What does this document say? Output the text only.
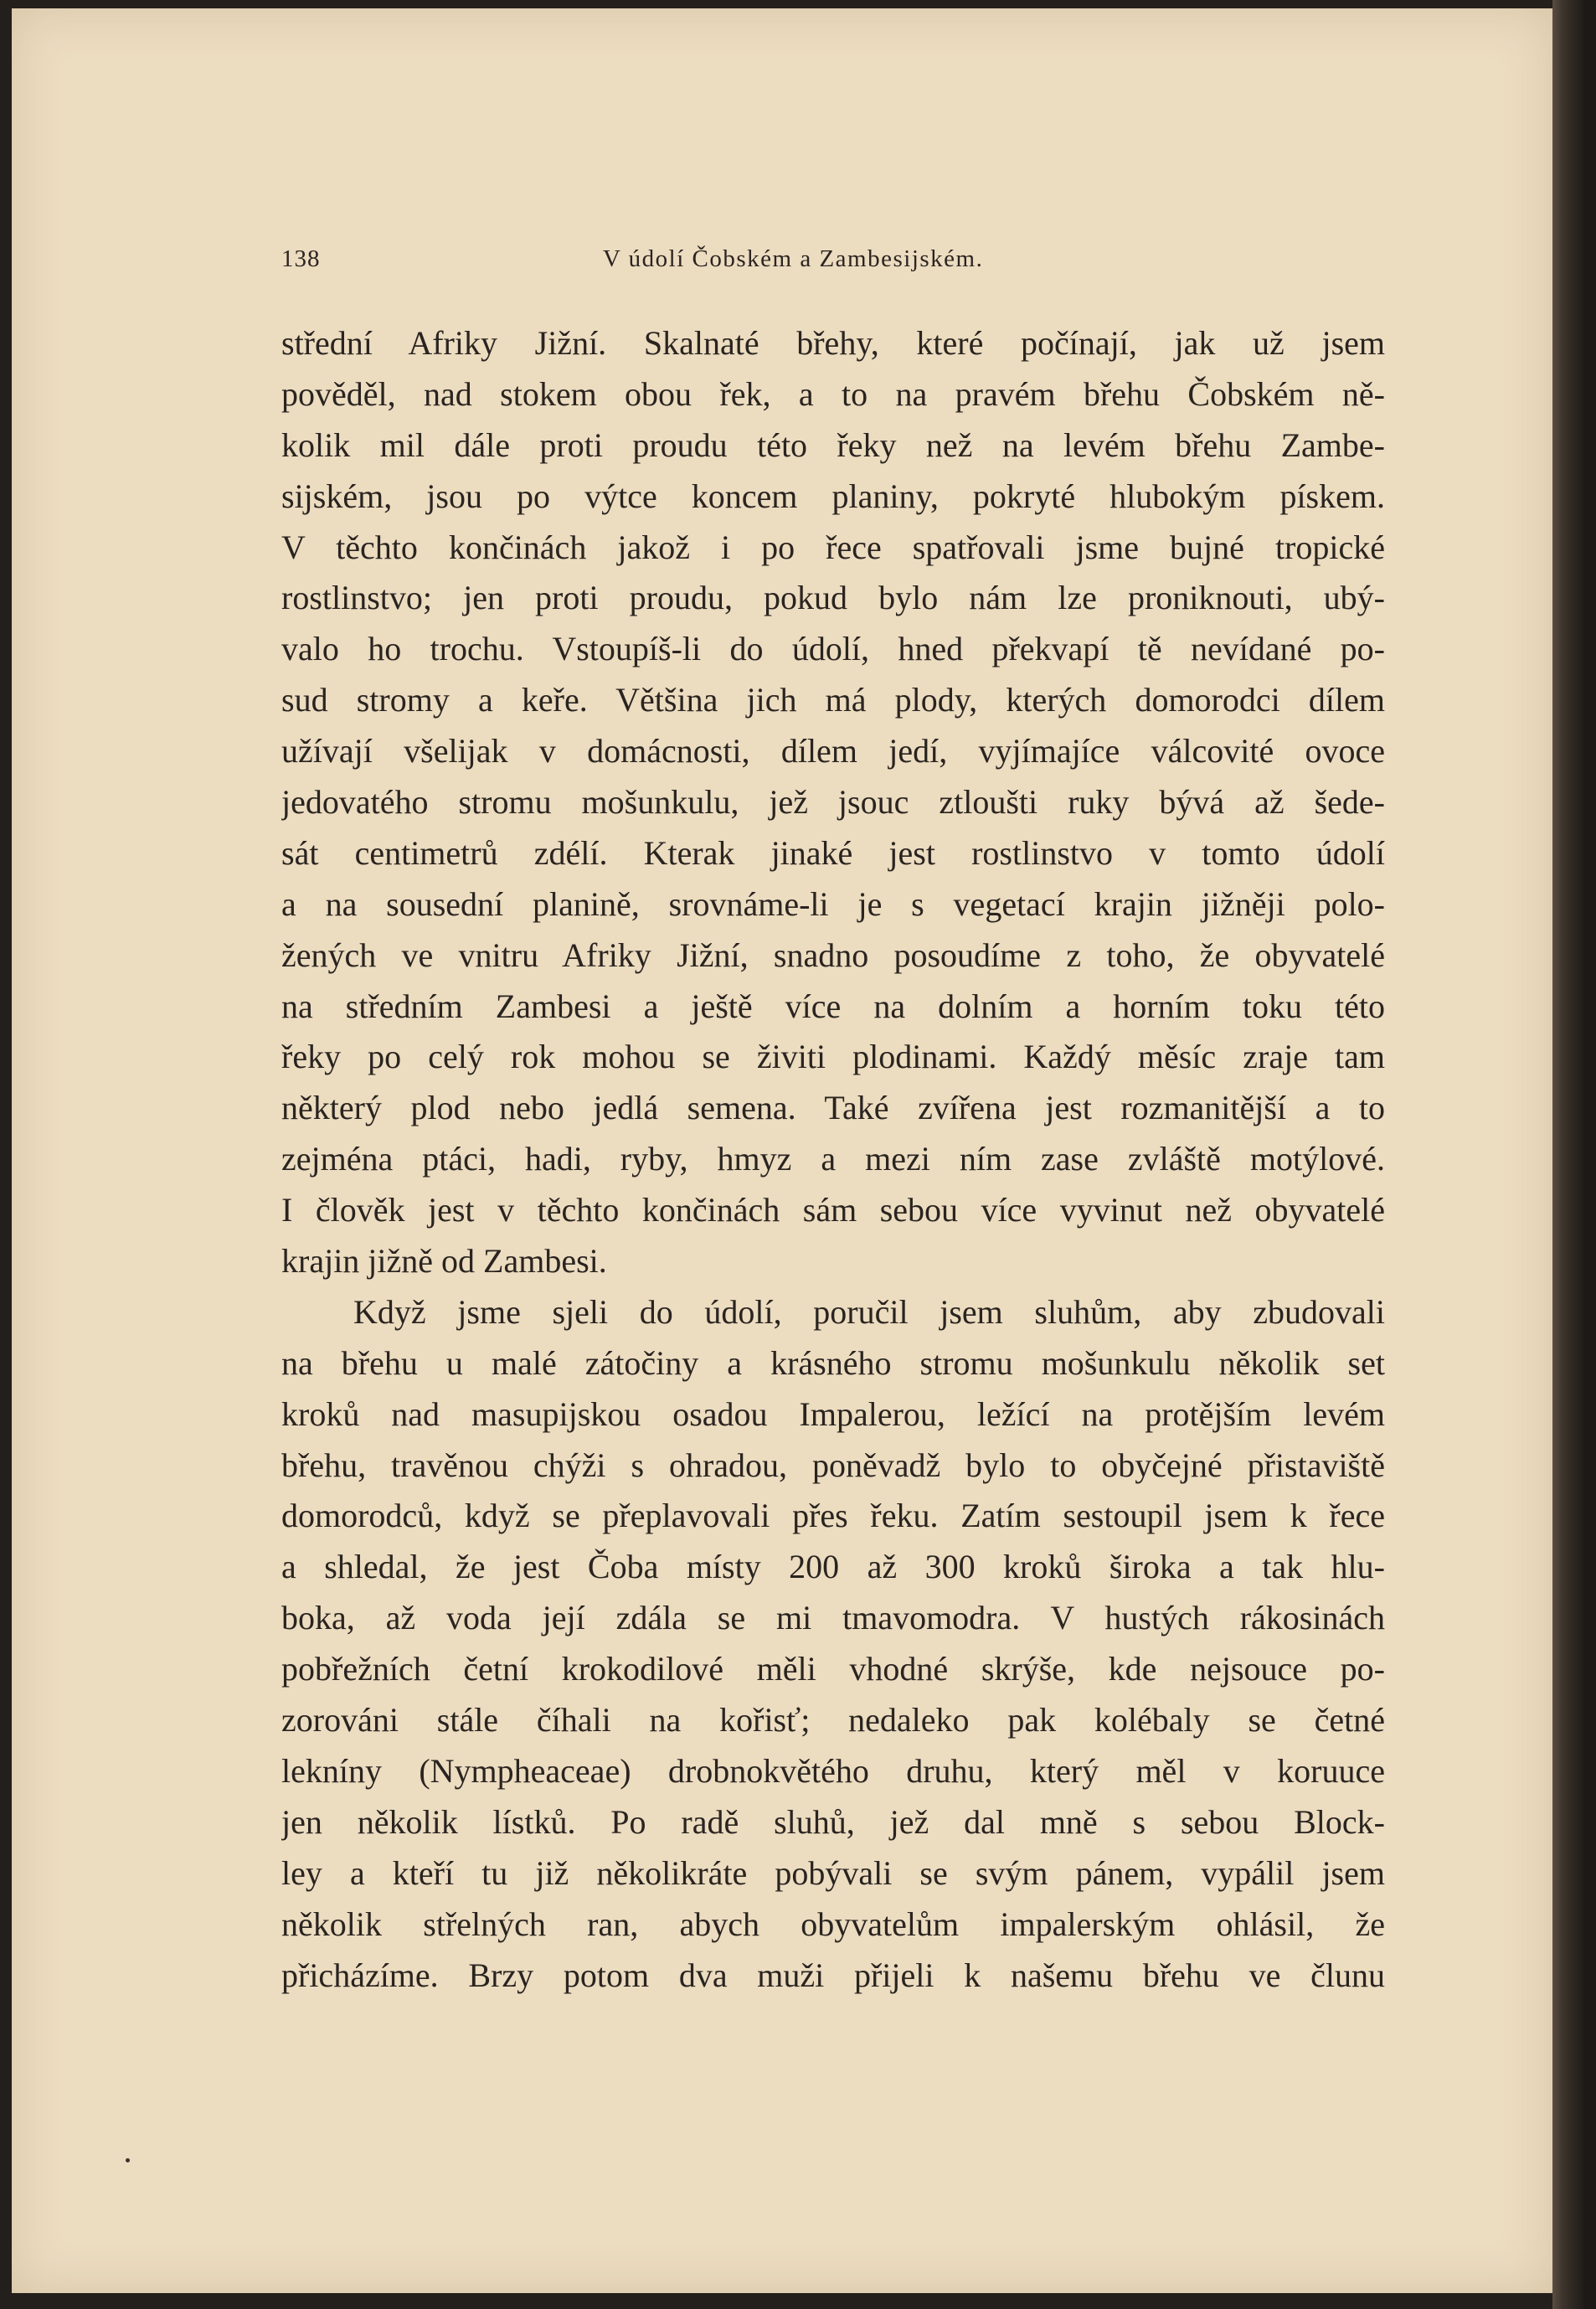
138	V údolí Čobském a Zambesijském.
střední Afriky Jižní. Skalnaté břehy, které počínají, jak už jsem
pověděl, nad stokem obou řek, a to na pravém břehu Čobském ně-
kolik mil dále proti proudu této řeky než na levém břehu Zambe-
sijském, jsou po výtce koncem planiny, pokryté hlubokým pískem.
V těchto končinách jakož i po řece spatřovali jsme bujné tropické
rostlinstvo; jen proti proudu, pokud bylo nám lze proniknouti, ubý-
valo ho trochu. Vstoupíš-li do údolí, hned překvapí tě nevídané po-
sud stromy a keře. Většina jich má plody, kterých domorodci dílem
užívají všelijak v domácnosti, dílem jedí, vyjímajíce válcovité ovoce
jedovatého stromu mošunkulu, jež jsouc ztloušti ruky bývá až šede-
sát centimetrů zdélí. Kterak jinaké jest rostlinstvo v tomto údolí
a na sousední planině, srovnáme-li je s vegetací krajin jižněji polo-
žených ve vnitru Afriky Jižní, snadno posoudíme z toho, že obyvatelé
na středním Zambesi a ještě více na dolním a horním toku této
řeky po celý rok mohou se živiti plodinami. Každý měsíc zraje tam
některý plod nebo jedlá semena. Také zvířena jest rozmanitější a to
zejména ptáci, hadi, ryby, hmyz a mezi ním zase zvláště motýlové.
I člověk jest v těchto končinách sám sebou více vyvinut než obyvatelé
krajin jižně od Zambesi.
Když jsme sjeli do údolí, poručil jsem sluhům, aby zbudovali
na břehu u malé zátočiny a krásného stromu mošunkulu několik set
kroků nad masupijskou osadou Impalerou, ležící na protějším levém
břehu, travěnou chýži s ohradou, poněvadž bylo to obyčejné přistaviště
domorodců, když se přeplavovali přes řeku. Zatím sestoupil jsem k řece
a shledal, že jest Čoba místy 200 až 300 kroků široka a tak hlu-
boka, až voda její zdála se mi tmavomodra. V hustých rákosinách
pobřežních četní krokodilové měli vhodné skrýše, kde nejsouce po-
zorováni stále číhali na kořisť; nedaleko pak kolébaly se četné
lekníny (Nympheaceae) drobnokvětého druhu, který měl v koruuce
jen několik lístků. Po radě sluhů, jež dal mně s sebou Block-
ley a kteří tu již několikráte pobývali se svým pánem, vypálil jsem
několik střelných ran, abych obyvatelům impalerským ohlásil, že
přicházíme. Brzy potom dva muži přijeli k našemu břehu ve člunu
